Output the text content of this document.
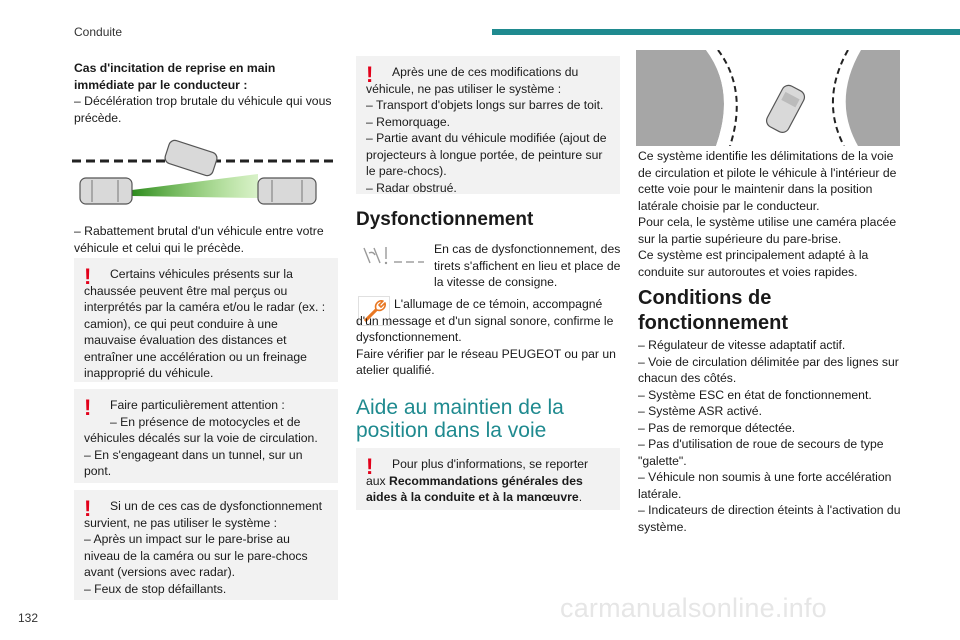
Conduite

Cas d'incitation de reprise en main immédiate par le conducteur :

– Décélération trop brutale du véhicule qui vous précède.

– Rabattement brutal d'un véhicule entre votre véhicule et celui qui le précède.

!	Certains véhicules présents sur la chaussée peuvent être mal perçus ou interprétés par la caméra et/ou le radar (ex. : camion), ce qui peut conduire à une mauvaise évaluation des distances et entraîner une accélération ou un freinage inapproprié du véhicule.

!	Faire particulièrement attention :

– En présence de motocycles et de véhicules décalés sur la voie de circulation.

– En s'engageant dans un tunnel, sur un pont.

!	Si un de ces cas de dysfonctionnement survient, ne pas utiliser le système :

– Après un impact sur le pare-brise au niveau de la caméra ou sur le pare-chocs avant (versions avec radar).

– Feux de stop défaillants.

!	Après une de ces modifications du véhicule, ne pas utiliser le système :

– Transport d'objets longs sur barres de toit.

– Remorquage.

– Partie avant du véhicule modifiée (ajout de projecteurs à longue portée, de peinture sur le pare-chocs).

– Radar obstrué.

Dysfonctionnement

En cas de dysfonctionnement, des tirets s'affichent en lieu et place de la vitesse de consigne.

L'allumage de ce témoin, accompagné d'un message et d'un signal sonore, confirme le dysfonctionnement.

Faire vérifier par le réseau PEUGEOT ou par un atelier qualifié.

Aide au maintien de la position dans la voie
!	Pour plus d'informations, se reporter aux Recommandations générales des aides à la conduite et à la manœuvre.

Ce système identifie les délimitations de la voie de circulation et pilote le véhicule à l'intérieur de cette voie pour le maintenir dans la position latérale choisie par le conducteur.

Pour cela, le système utilise une caméra placée sur la partie supérieure du pare-brise.

Ce système est principalement adapté à la conduite sur autoroutes et voies rapides.

Conditions de fonctionnement

– Régulateur de vitesse adaptatif actif.

– Voie de circulation délimitée par des lignes sur chacun des côtés.

– Système ESC en état de fonctionnement.

– Système ASR activé.

– Pas de remorque détectée.

– Pas d'utilisation de roue de secours de type "galette".

– Véhicule non soumis à une forte accélération latérale.

– Indicateurs de direction éteints à l'activation du système.

132	carmanualsonline.info
